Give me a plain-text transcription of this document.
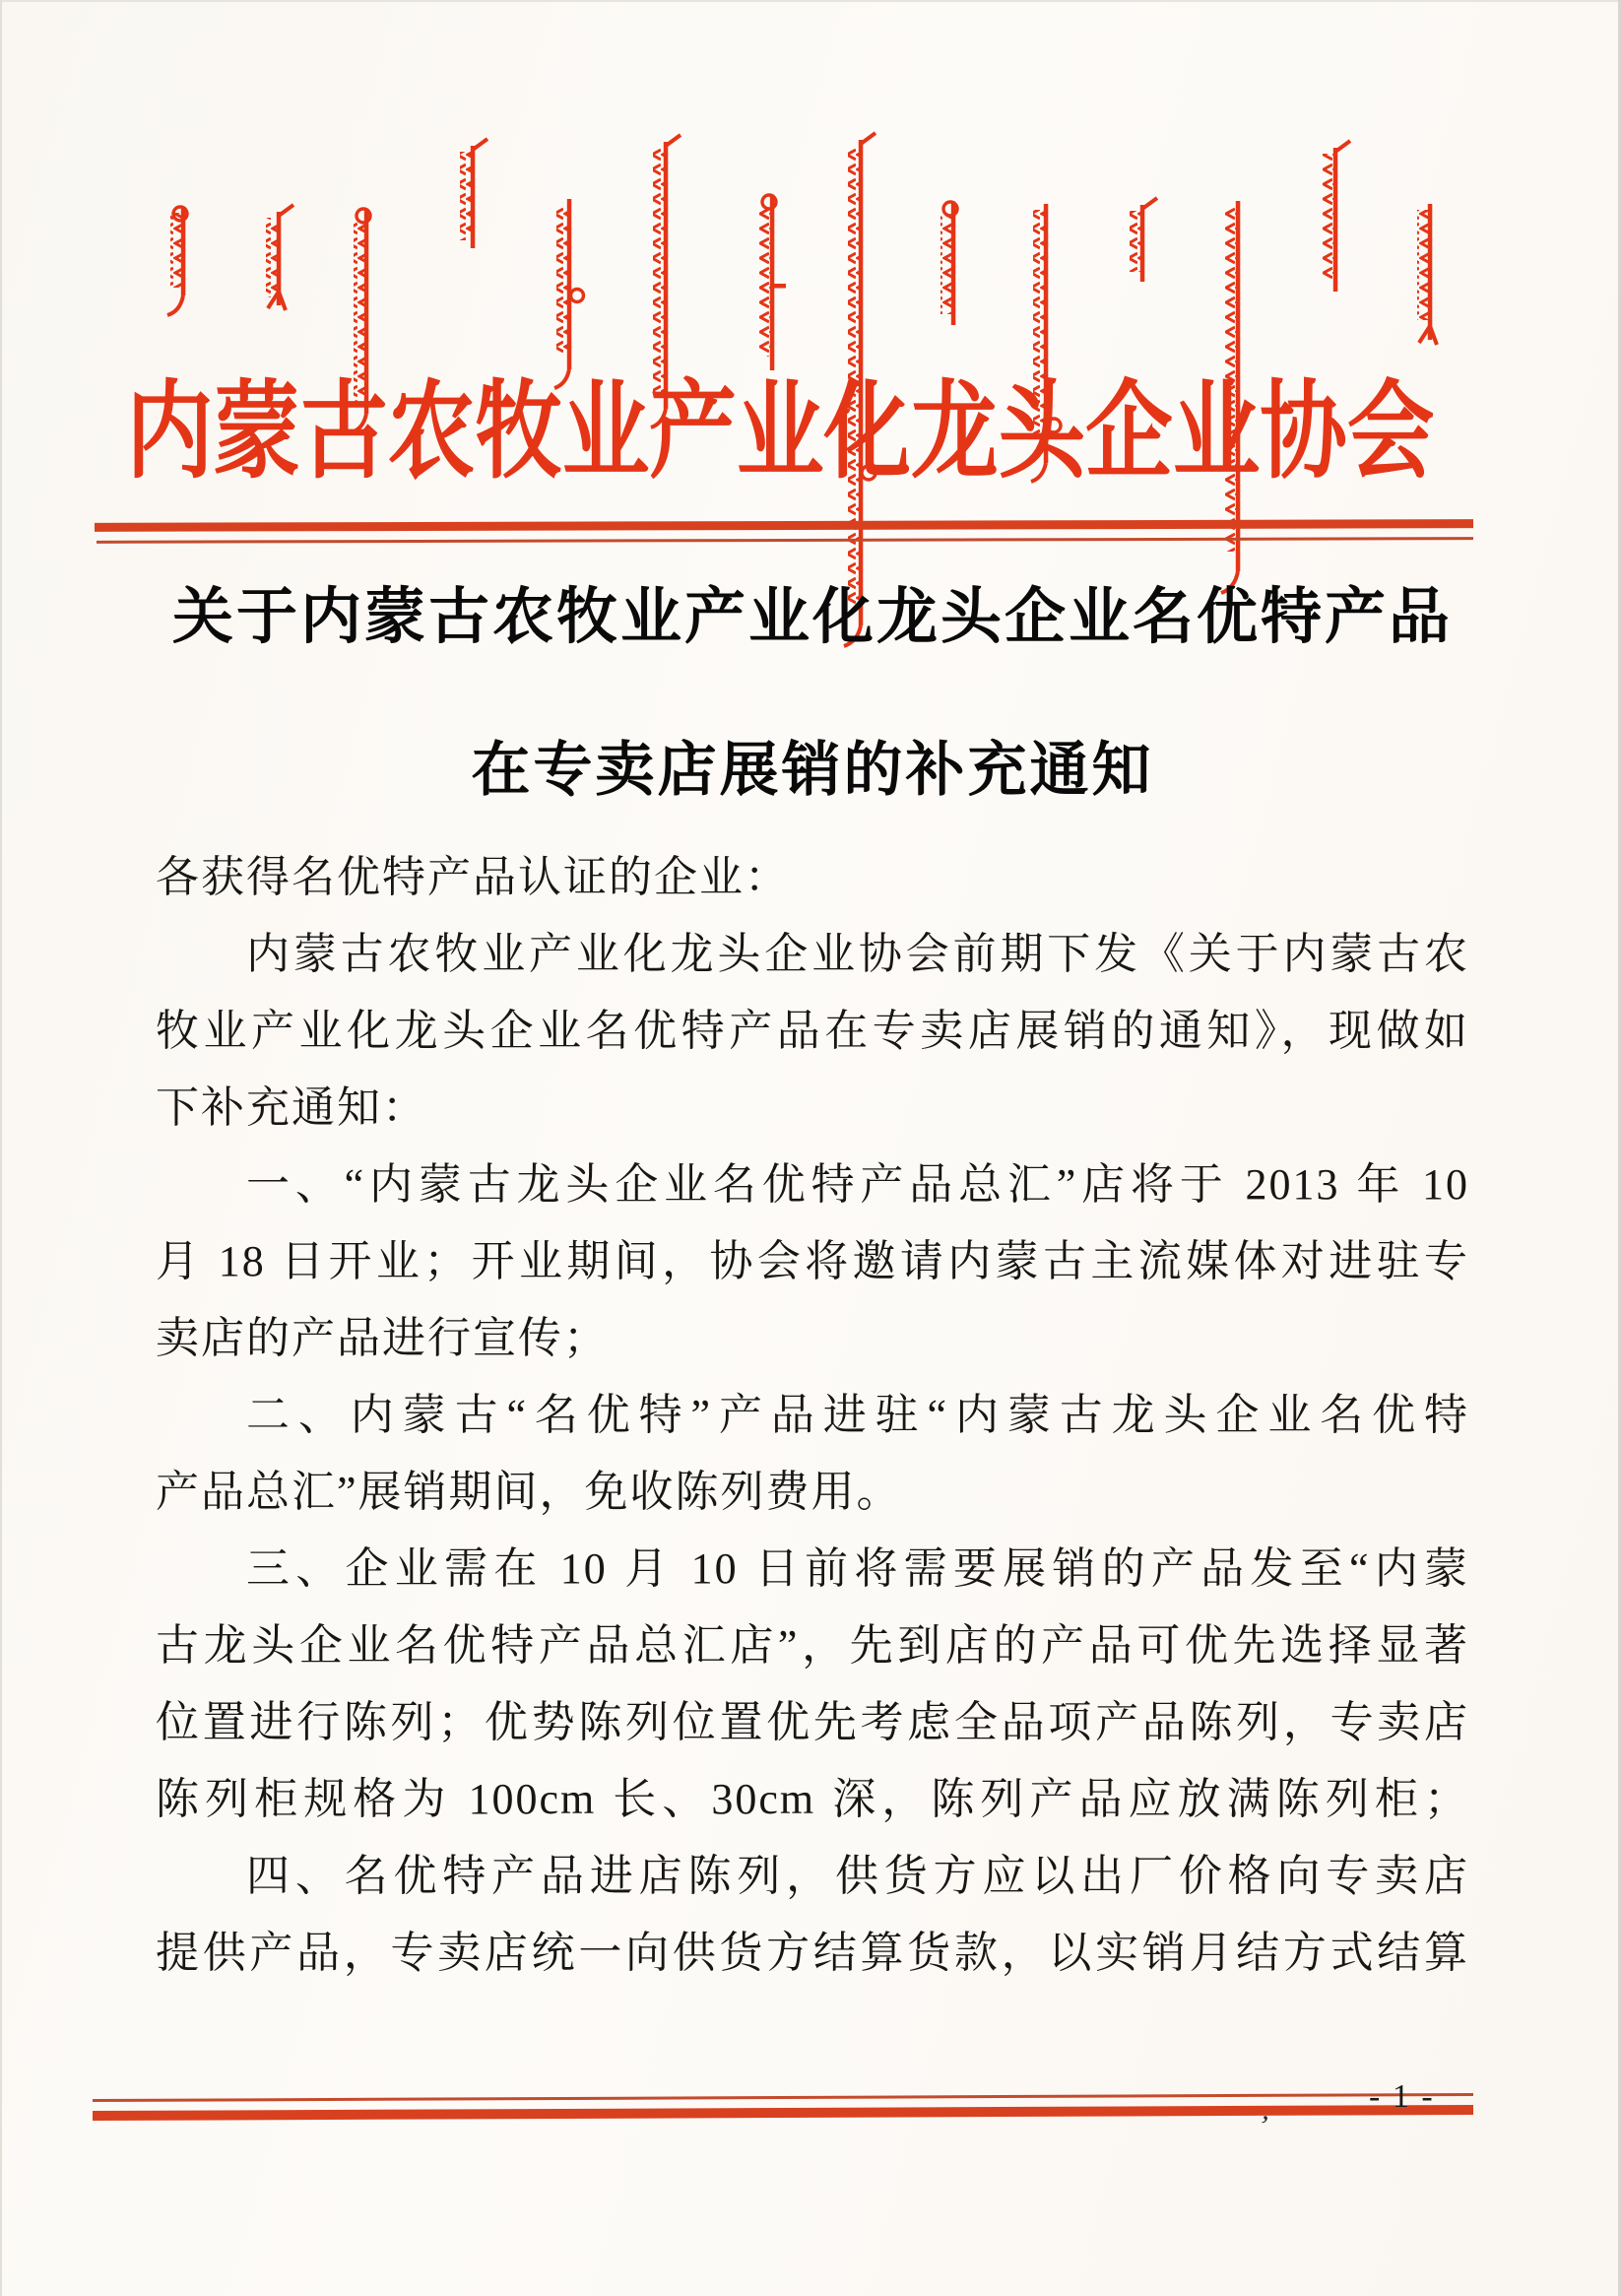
内蒙古农牧业产业化龙头企业协会
关于内蒙古农牧业产业化龙头企业名优特产品
在专卖店展销的补充通知
各获得名优特产品认证的企业：
内蒙古农牧业产业化龙头企业协会前期下发《关于内蒙古农
牧业产业化龙头企业名优特产品在专卖店展销的通知》，现做如
下补充通知：
一、“内蒙古龙头企业名优特产品总汇”店将于 2013 年 10
月 18 日开业；开业期间，协会将邀请内蒙古主流媒体对进驻专
卖店的产品进行宣传；
二、内蒙古“名优特”产品进驻“内蒙古龙头企业名优特
产品总汇”展销期间，免收陈列费用。
三、企业需在 10 月 10 日前将需要展销的产品发至“内蒙
古龙头企业名优特产品总汇店”，先到店的产品可优先选择显著
位置进行陈列；优势陈列位置优先考虑全品项产品陈列，专卖店
陈列柜规格为 100cm 长、30cm 深，陈列产品应放满陈列柜；
四、名优特产品进店陈列，供货方应以出厂价格向专卖店
提供产品，专卖店统一向供货方结算货款，以实销月结方式结算
- 1 -
’
